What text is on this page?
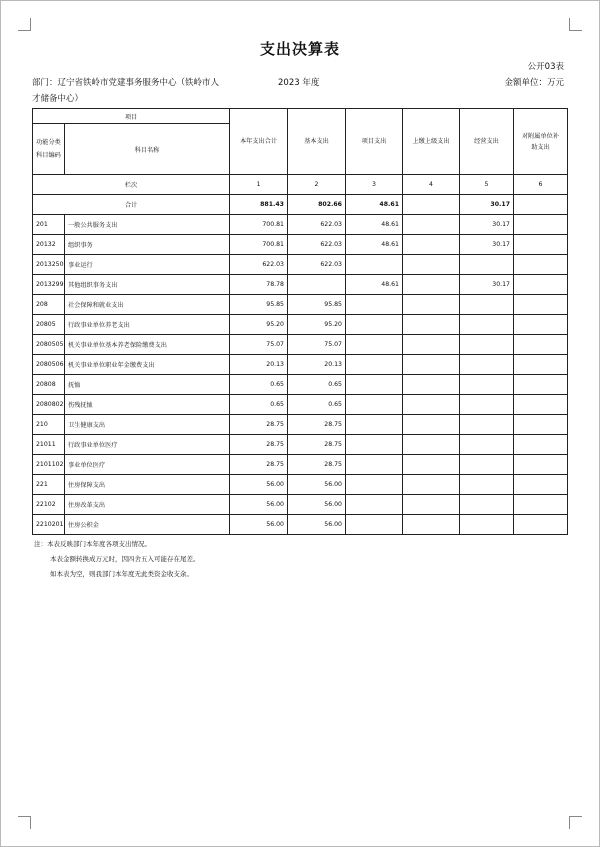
支出决算表
公开03表
部门：辽宁省铁岭市党建事务服务中心（铁岭市人才储备中心）
2023 年度	金额单位：万元
项目		本年支出合计	基本支出	项目支出	上缴上级支出	经营支出	对附属单位补助支出
功能分类科目编码	科目名称						
栏次		1	2	3	4	5	6
合计		881.43	802.66	48.61		30.17	
201	一般公共服务支出	700.81	622.03	48.61		30.17	
20132	组织事务	700.81	622.03	48.61		30.17	
2013250	事业运行	622.03	622.03				
2013299	其他组织事务支出	78.78		48.61		30.17	
208	社会保障和就业支出	95.85	95.85				
20805	行政事业单位养老支出	95.20	95.20				
2080505	机关事业单位基本养老保险缴费支出	75.07	75.07				
2080506	机关事业单位职业年金缴费支出	20.13	20.13				
20808	抚恤	0.65	0.65				
2080802	伤残抚恤	0.65	0.65				
210	卫生健康支出	28.75	28.75				
21011	行政事业单位医疗	28.75	28.75				
2101102	事业单位医疗	28.75	28.75				
221	住房保障支出	56.00	56.00				
22102	住房改革支出	56.00	56.00				
2210201	住房公积金	56.00	56.00				
注：本表反映部门本年度各项支出情况。
本表金额转换成万元时，因四舍五入可能存在尾差。
如本表为空，则我部门本年度无此类资金收支余。
